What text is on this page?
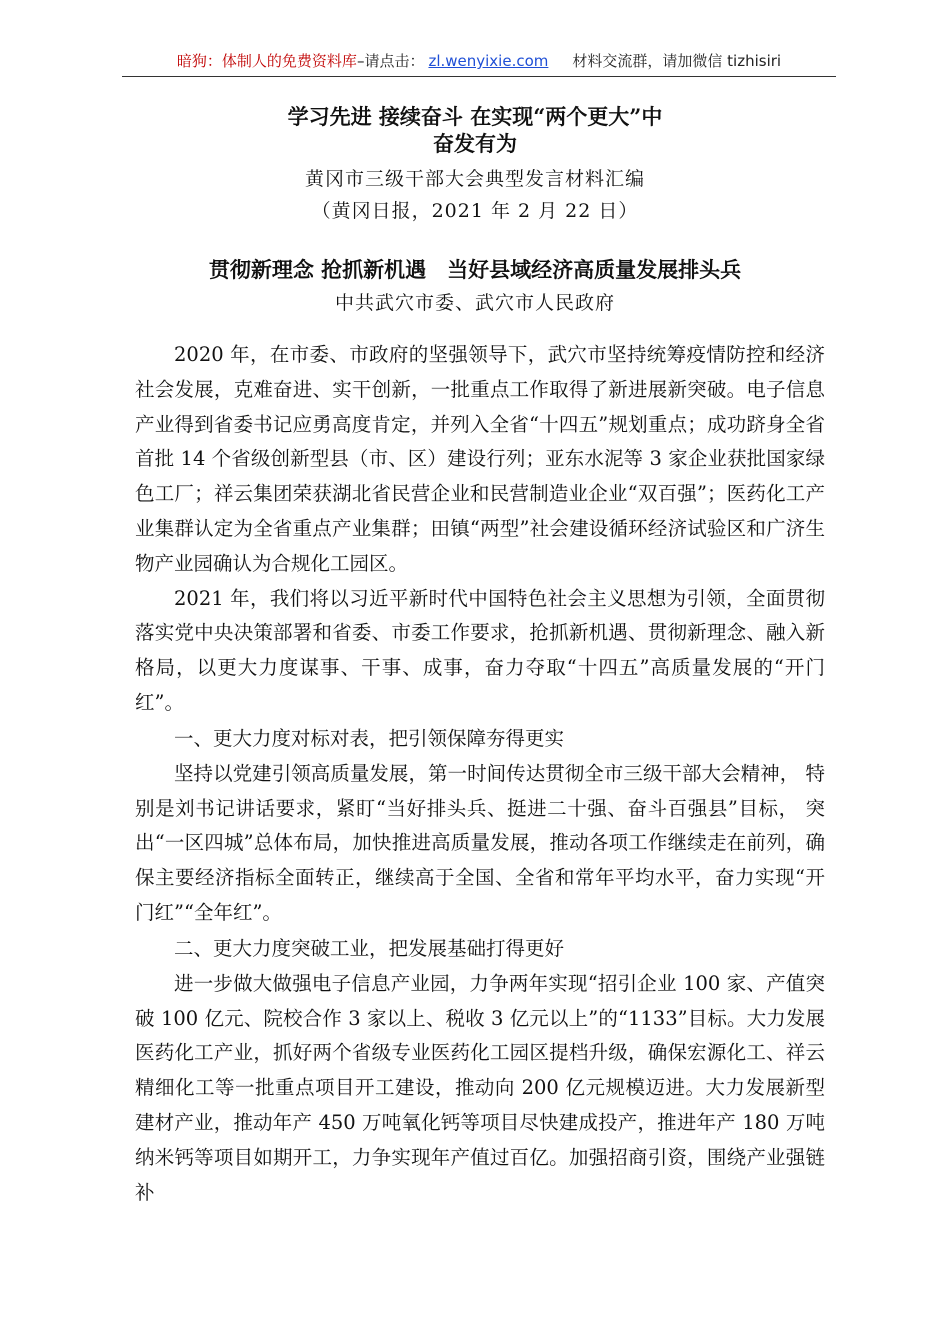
暗狗：体制人的免费资料库–请点击： zl.wenyixie.com 材料交流群，请加微信 tizhisiri
学习先进 接续奋斗 在实现“两个更大”中
奋发有为
黄冈市三级干部大会典型发言材料汇编
（黄冈日报，2021 年 2 月 22 日）
贯彻新理念 抢抓新机遇　当好县域经济高质量发展排头兵
中共武穴市委、武穴市人民政府

2020 年，在市委、市政府的坚强领导下，武穴市坚持统筹疫情防控和经济社会发展，克难奋进、实干创新，一批重点工作取得了新进展新突破。电子信息产业得到省委书记应勇高度肯定，并列入全省“十四五”规划重点；成功跻身全省首批 14 个省级创新型县（市、区）建设行列；亚东水泥等 3 家企业获批国家绿色工厂；祥云集团荣获湖北省民营企业和民营制造业企业“双百强”；医药化工产业集群认定为全省重点产业集群；田镇“两型”社会建设循环经济试验区和广济生物产业园确认为合规化工园区。

2021 年，我们将以习近平新时代中国特色社会主义思想为引领，全面贯彻落实党中央决策部署和省委、市委工作要求，抢抓新机遇、贯彻新理念、融入新格局，以更大力度谋事、干事、成事，奋力夺取“十四五”高质量发展的“开门红”。

一、更大力度对标对表，把引领保障夯得更实

坚持以党建引领高质量发展，第一时间传达贯彻全市三级干部大会精神， 特别是刘书记讲话要求，紧盯“当好排头兵、挺进二十强、奋斗百强县”目标， 突出“一区四城”总体布局，加快推进高质量发展，推动各项工作继续走在前列，确保主要经济指标全面转正，继续高于全国、全省和常年平均水平，奋力实现“开门红”“全年红”。

二、更大力度突破工业，把发展基础打得更好

进一步做大做强电子信息产业园，力争两年实现“招引企业 100 家、产值突破 100 亿元、院校合作 3 家以上、税收 3 亿元以上”的“1133”目标。大力发展医药化工产业，抓好两个省级专业医药化工园区提档升级，确保宏源化工、祥云精细化工等一批重点项目开工建设，推动向 200 亿元规模迈进。大力发展新型建材产业，推动年产 450 万吨氧化钙等项目尽快建成投产，推进年产 180 万吨纳米钙等项目如期开工，力争实现年产值过百亿。加强招商引资，围绕产业强链补
